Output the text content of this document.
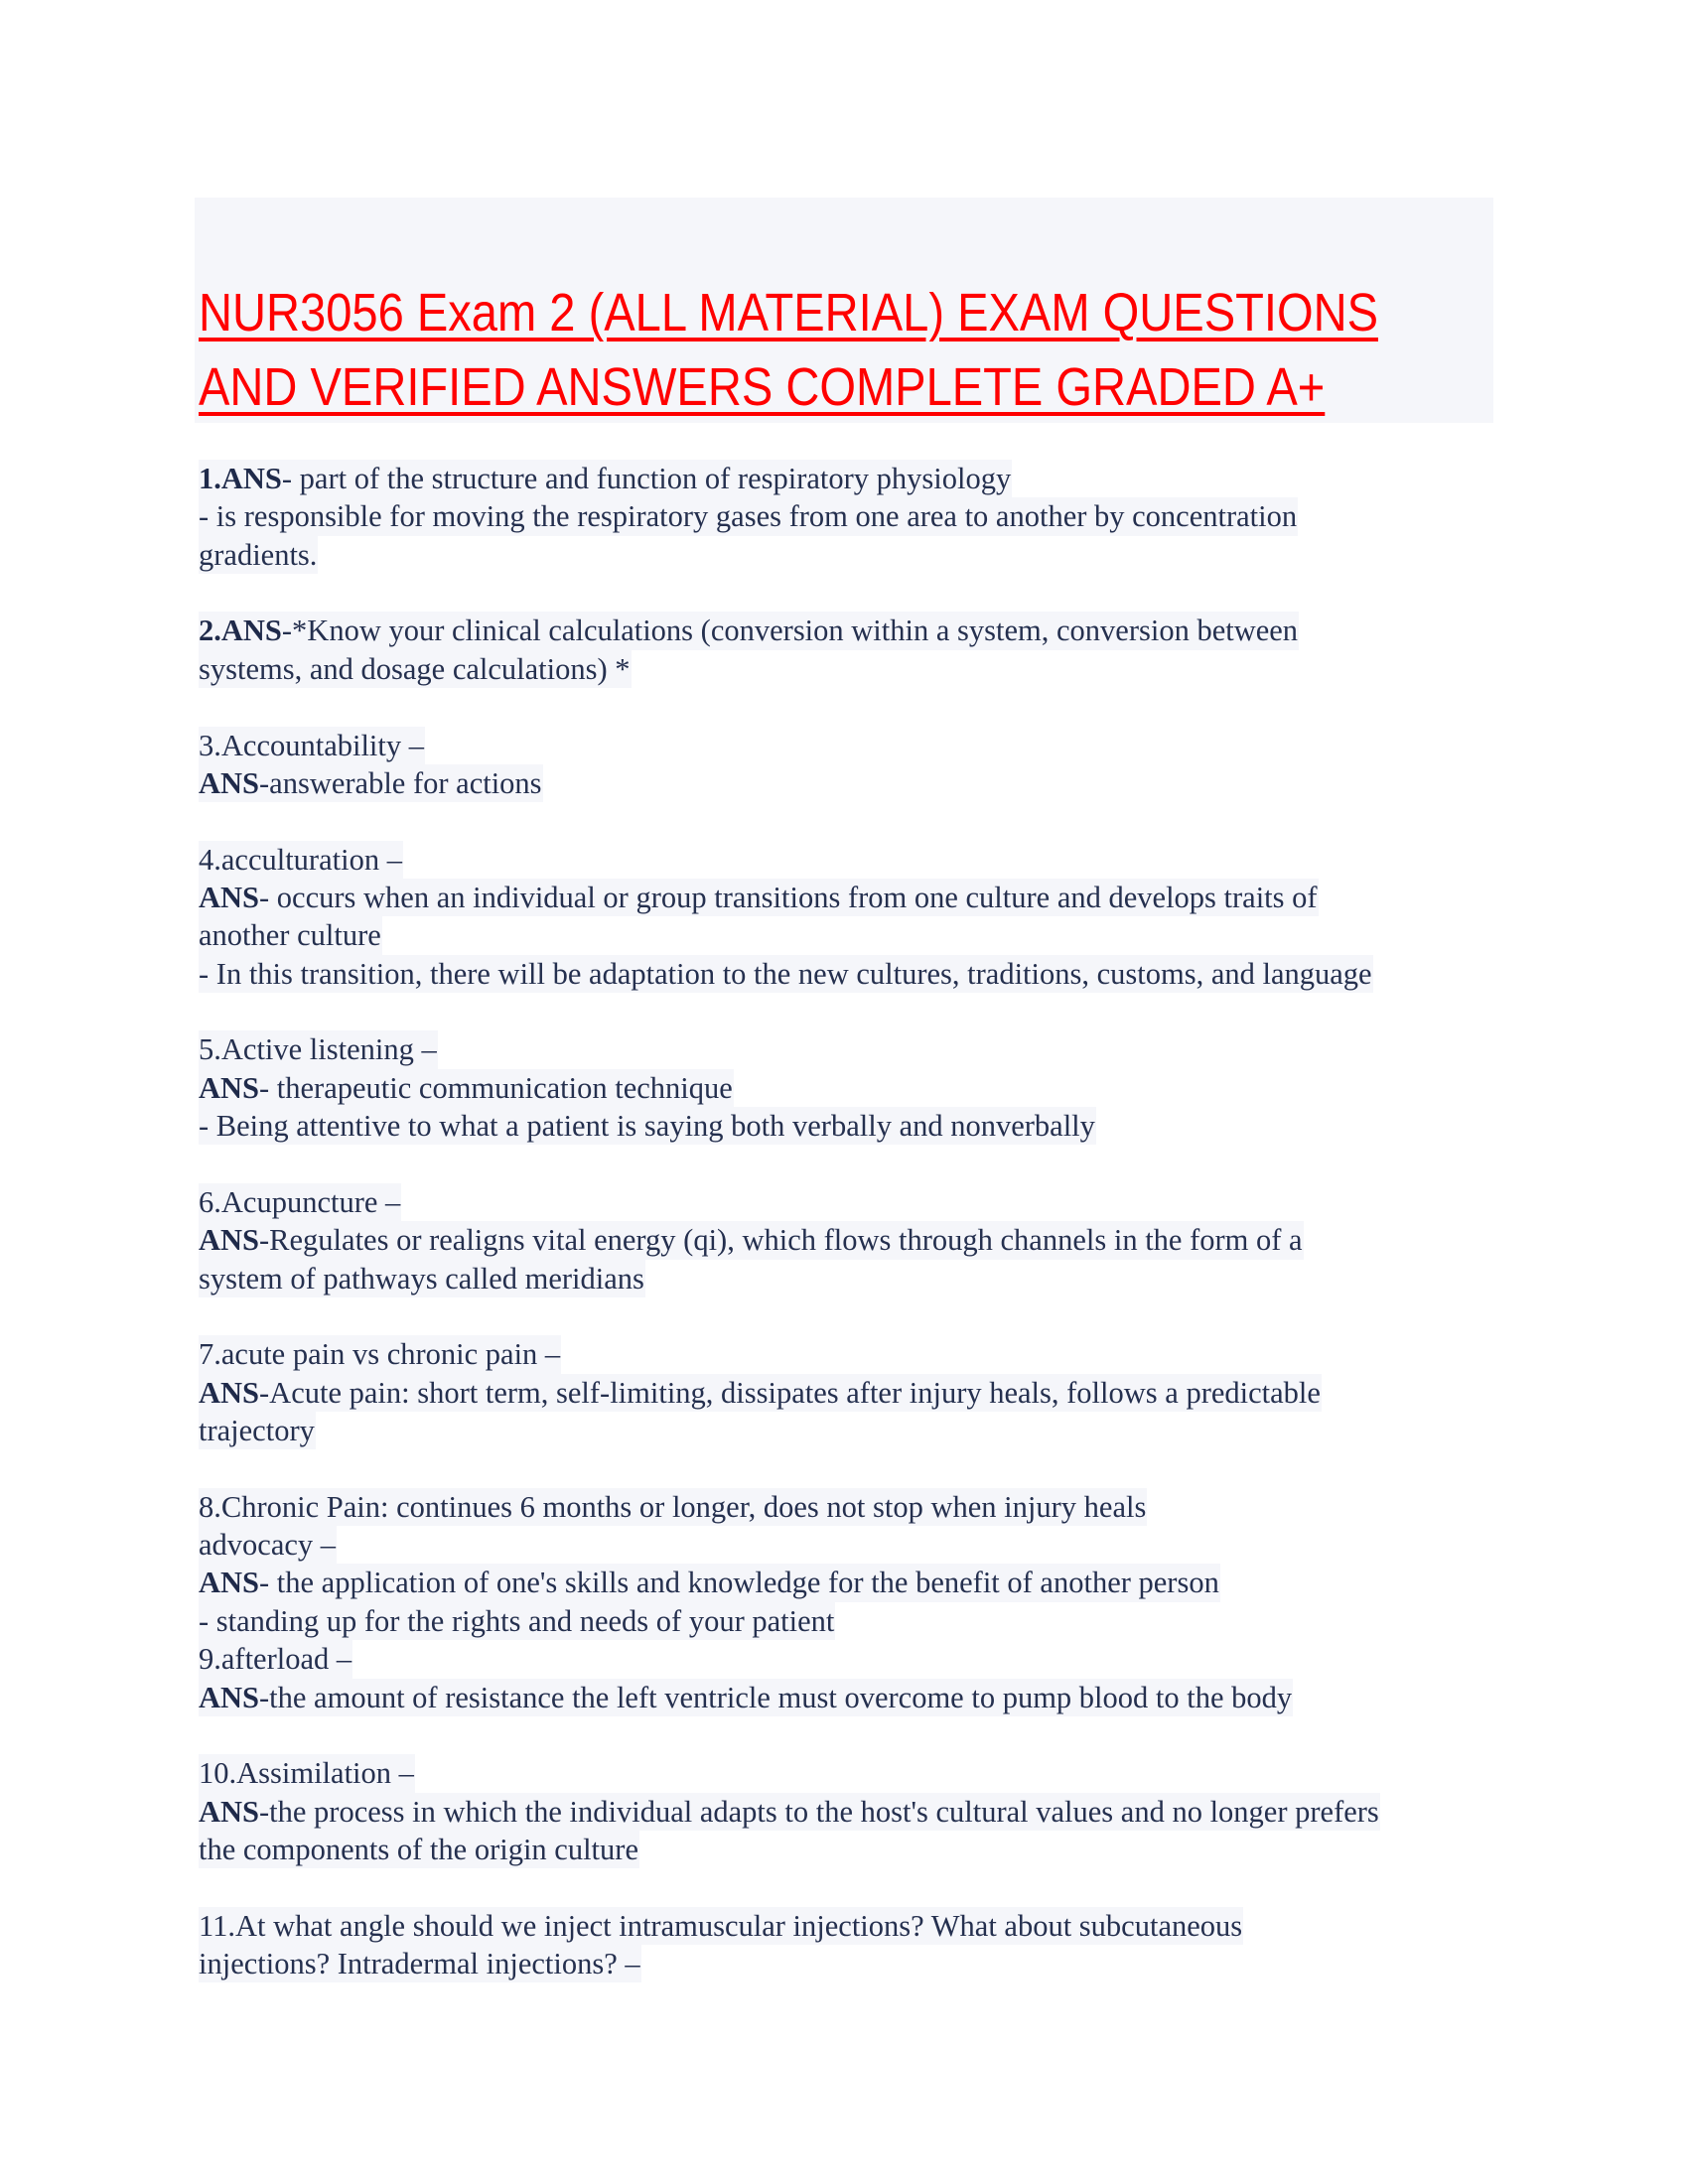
NUR3056 Exam 2 (ALL MATERIAL) EXAM QUESTIONS
AND VERIFIED ANSWERS COMPLETE GRADED A+
1.ANS- part of the structure and function of respiratory physiology
- is responsible for moving the respiratory gases from one area to another by concentration
gradients.
2.ANS-*Know your clinical calculations (conversion within a system, conversion between
systems, and dosage calculations) *
3.Accountability –
ANS-answerable for actions
4.acculturation –
ANS- occurs when an individual or group transitions from one culture and develops traits of
another culture
- In this transition, there will be adaptation to the new cultures, traditions, customs, and language
5.Active listening –
ANS- therapeutic communication technique
- Being attentive to what a patient is saying both verbally and nonverbally
6.Acupuncture –
ANS-Regulates or realigns vital energy (qi), which flows through channels in the form of a
system of pathways called meridians
7.acute pain vs chronic pain –
ANS-Acute pain: short term, self-limiting, dissipates after injury heals, follows a predictable
trajectory
8.Chronic Pain: continues 6 months or longer, does not stop when injury heals
advocacy –
ANS- the application of one's skills and knowledge for the benefit of another person
- standing up for the rights and needs of your patient
9.afterload –
ANS-the amount of resistance the left ventricle must overcome to pump blood to the body
10.Assimilation –
ANS-the process in which the individual adapts to the host's cultural values and no longer prefers
the components of the origin culture
11.At what angle should we inject intramuscular injections? What about subcutaneous
injections? Intradermal injections? –
